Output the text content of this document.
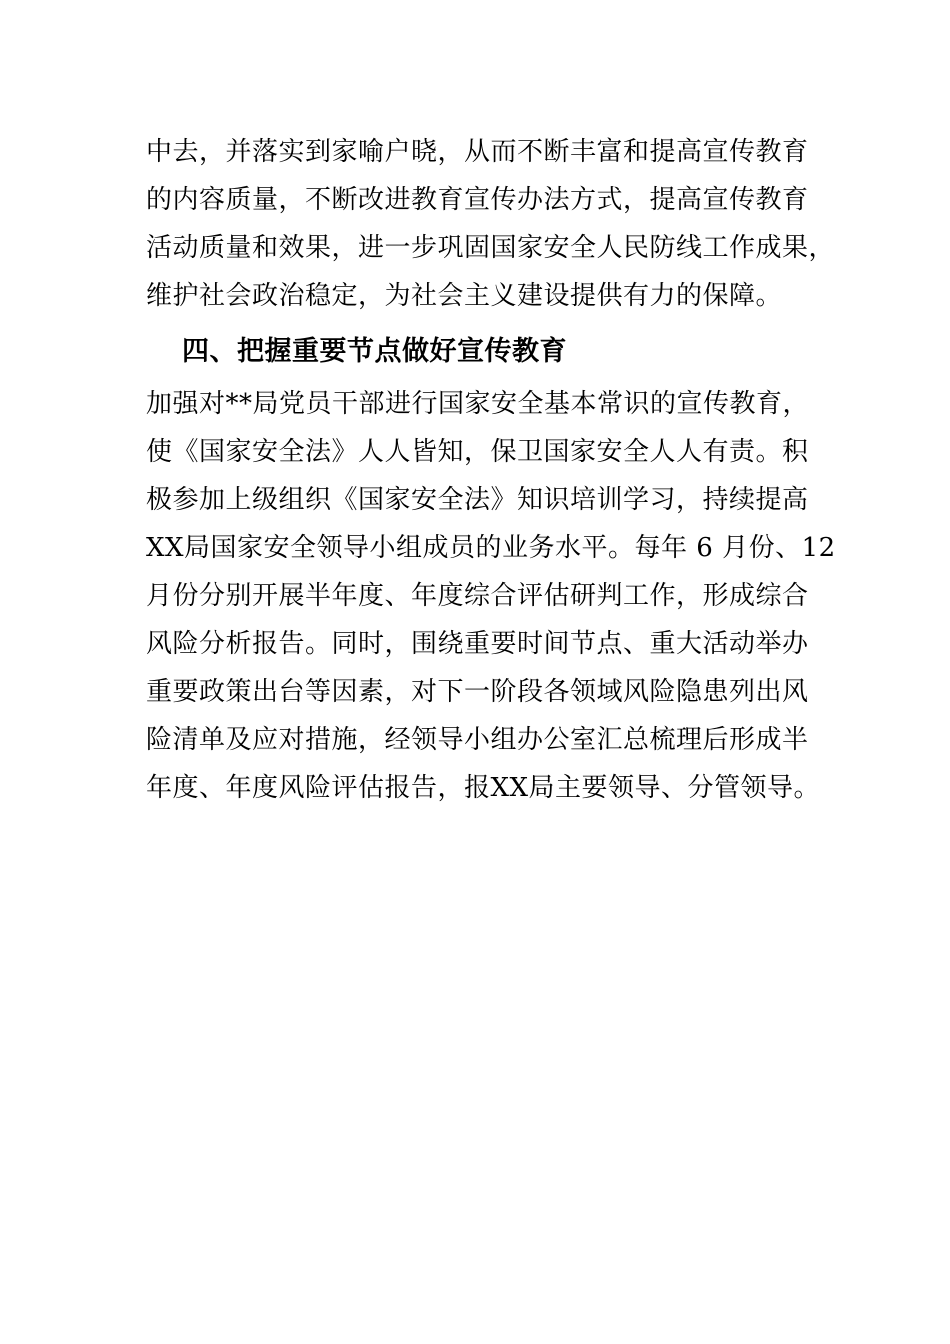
中去，并落实到家喻户晓，从而不断丰富和提高宣传教育
的内容质量，不断改进教育宣传办法方式，提高宣传教育
活动质量和效果，进一步巩固国家安全人民防线工作成果，
维护社会政治稳定，为社会主义建设提供有力的保障。
四、把握重要节点做好宣传教育
加强对**局党员干部进行国家安全基本常识的宣传教育，
使《国家安全法》人人皆知，保卫国家安全人人有责。积
极参加上级组织《国家安全法》知识培训学习，持续提高
XX局国家安全领导小组成员的业务水平。每年 6 月份、12
月份分别开展半年度、年度综合评估研判工作，形成综合
风险分析报告。同时，围绕重要时间节点、重大活动举办
重要政策出台等因素，对下一阶段各领域风险隐患列出风
险清单及应对措施，经领导小组办公室汇总梳理后形成半
年度、年度风险评估报告，报XX局主要领导、分管领导。
